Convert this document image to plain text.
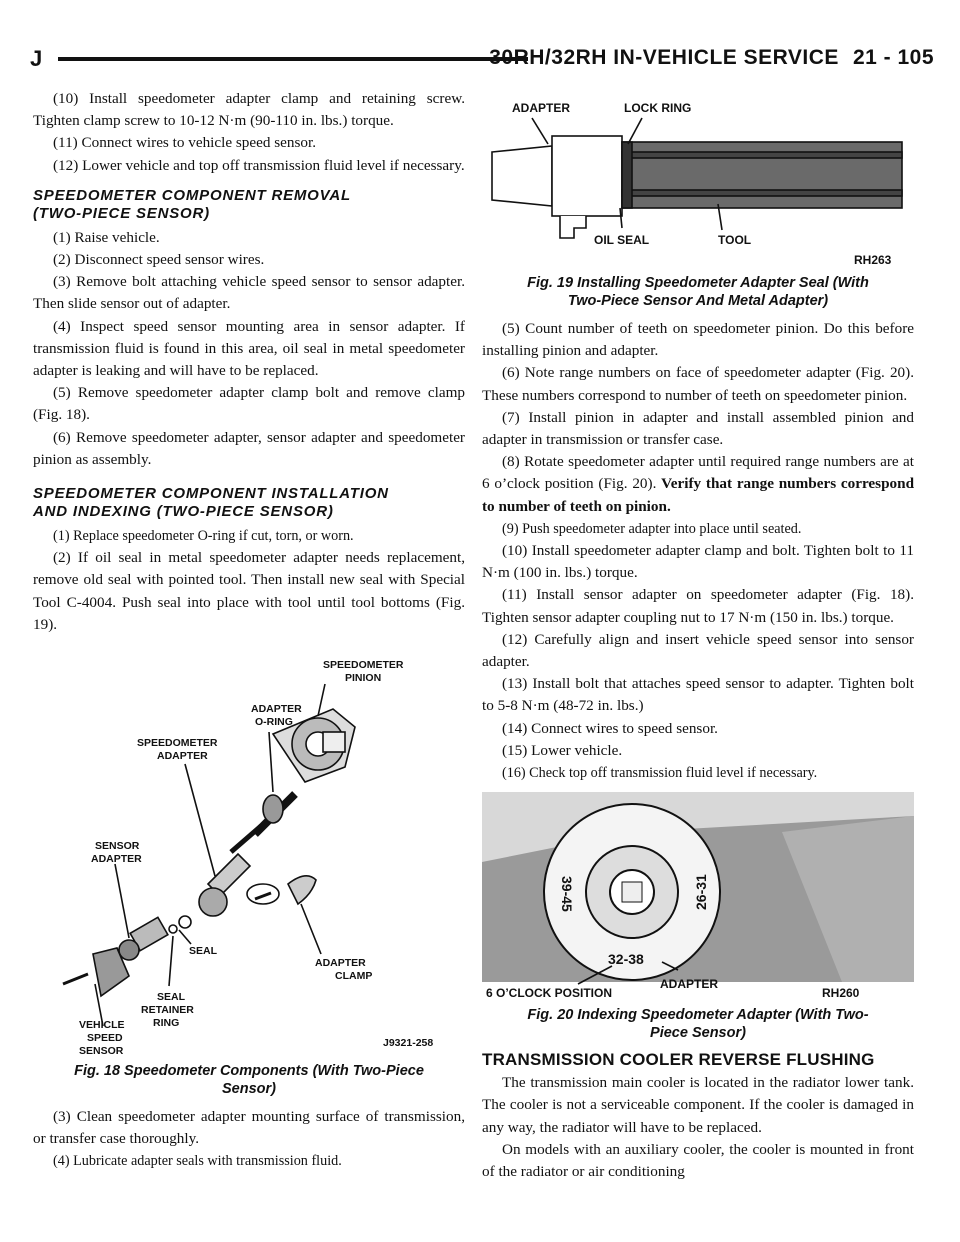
J	30RH/32RH IN-VEHICLE SERVICE 21 - 105

(10) Install speedometer adapter clamp and retaining screw. Tighten clamp screw to 10-12 N·m (90-110 in. lbs.) torque.

(11) Connect wires to vehicle speed sensor.

(12) Lower vehicle and top off transmission fluid level if necessary.

SPEEDOMETER COMPONENT REMOVAL
(TWO-PIECE SENSOR)

(1) Raise vehicle.

(2) Disconnect speed sensor wires.

(3) Remove bolt attaching vehicle speed sensor to sensor adapter. Then slide sensor out of adapter.

(4) Inspect speed sensor mounting area in sensor adapter. If transmission fluid is found in this area, oil seal in metal speedometer adapter is leaking and will have to be replaced.

(5) Remove speedometer adapter clamp bolt and remove clamp (Fig. 18).

(6) Remove speedometer adapter, sensor adapter and speedometer pinion as assembly.

SPEEDOMETER COMPONENT INSTALLATION
AND INDEXING (TWO-PIECE SENSOR)

(1) Replace speedometer O-ring if cut, torn, or worn.

(2) If oil seal in metal speedometer adapter needs replacement, remove old seal with pointed tool. Then install new seal with Special Tool C-4004. Push seal into place with tool until tool bottoms (Fig. 19).

SPEEDOMETER
PINION
ADAPTER
O-RING
SPEEDOMETER
ADAPTER
SENSOR
ADAPTER
SEAL
ADAPTER
CLAMP
SEAL
RETAINER
RING
VEHICLE
SPEED
SENSOR
J9321-258
Fig. 18 Speedometer Components (With Two-Piece
Sensor)

(3) Clean speedometer adapter mounting surface of transmission, or transfer case thoroughly.

(4) Lubricate adapter seals with transmission fluid.

ADAPTER	LOCK RING
OIL SEAL	TOOL
RH263
Fig. 19 Installing Speedometer Adapter Seal (With
Two-Piece Sensor And Metal Adapter)

(5) Count number of teeth on speedometer pinion. Do this before installing pinion and adapter.

(6) Note range numbers on face of speedometer adapter (Fig. 20). These numbers correspond to number of teeth on speedometer pinion.

(7) Install pinion in adapter and install assembled pinion and adapter in transmission or transfer case.

(8) Rotate speedometer adapter until required range numbers are at 6 o’clock position (Fig. 20). Verify that range numbers correspond to number of teeth on pinion.

(9) Push speedometer adapter into place until seated.

(10) Install speedometer adapter clamp and bolt. Tighten bolt to 11 N·m (100 in. lbs.) torque.

(11) Install sensor adapter on speedometer adapter (Fig. 18). Tighten sensor adapter coupling nut to 17 N·m (150 in. lbs.) torque.

(12) Carefully align and insert vehicle speed sensor into sensor adapter.

(13) Install bolt that attaches speed sensor to adapter. Tighten bolt to 5-8 N·m (48-72 in. lbs.)

(14) Connect wires to speed sensor.

(15) Lower vehicle.

(16) Check top off transmission fluid level if necessary.

39-45	26-31
32-38
6 O’CLOCK POSITION
ADAPTER
RH260
Fig. 20 Indexing Speedometer Adapter (With Two-
Piece Sensor)
TRANSMISSION COOLER REVERSE FLUSHING

The transmission main cooler is located in the radiator lower tank. The cooler is not a serviceable component. If the cooler is damaged in any way, the radiator will have to be replaced.

On models with an auxiliary cooler, the cooler is mounted in front of the radiator or air conditioning
